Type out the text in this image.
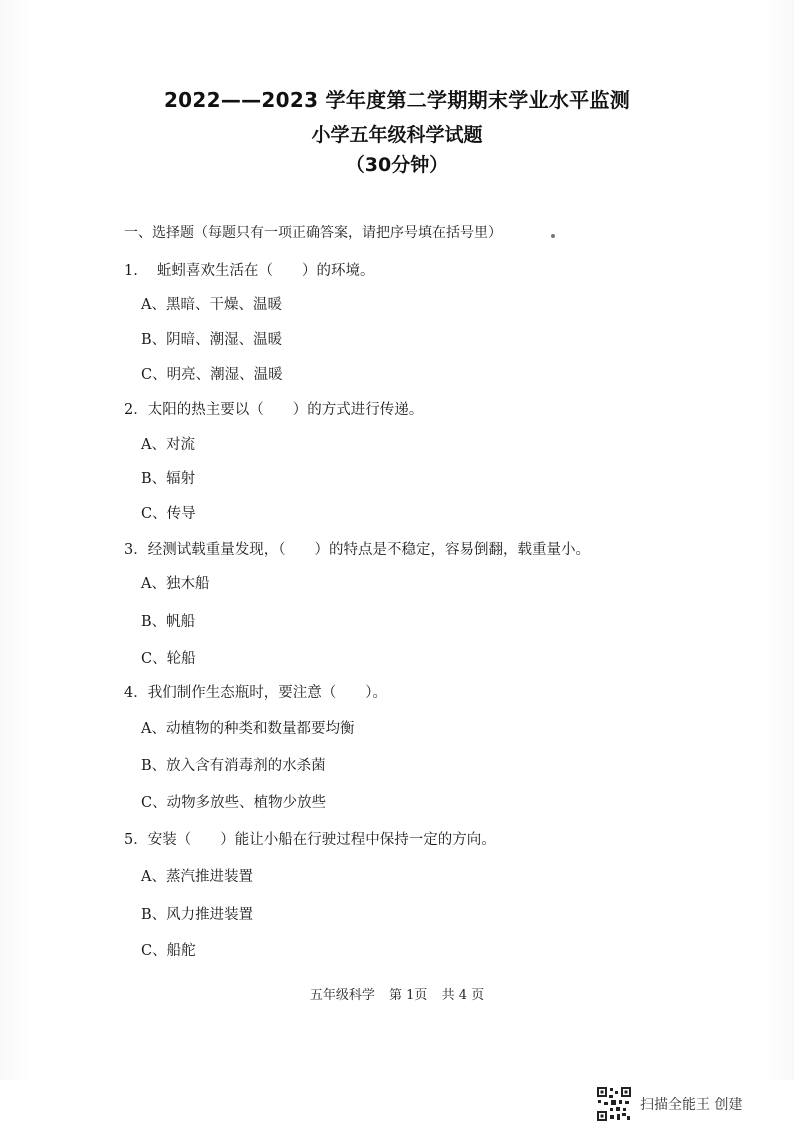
2022——2023 学年度第二学期期末学业水平监测
小学五年级科学试题
（30分钟）
一、选择题（每题只有一项正确答案，请把序号填在括号里）
1.　 蚯蚓喜欢生活在（　　）的环境。
A、黑暗、干燥、温暖
B、阴暗、潮湿、温暖
C、明亮、潮湿、温暖
2．太阳的热主要以（　　）的方式进行传递。
A、对流
B、辐射
C、传导
3．经测试载重量发现，（　　）的特点是不稳定，容易倒翻，载重量小。
A、独木船
B、帆船
C、轮船
4．我们制作生态瓶时，要注意（　　）。
A、动植物的种类和数量都要均衡
B、放入含有消毒剂的水杀菌
C、动物多放些、植物少放些
5．安装（　　）能让小船在行驶过程中保持一定的方向。
A、蒸汽推进装置
B、风力推进装置
C、船舵
五年级科学 第 1页 共 4 页
扫描全能王 创建
